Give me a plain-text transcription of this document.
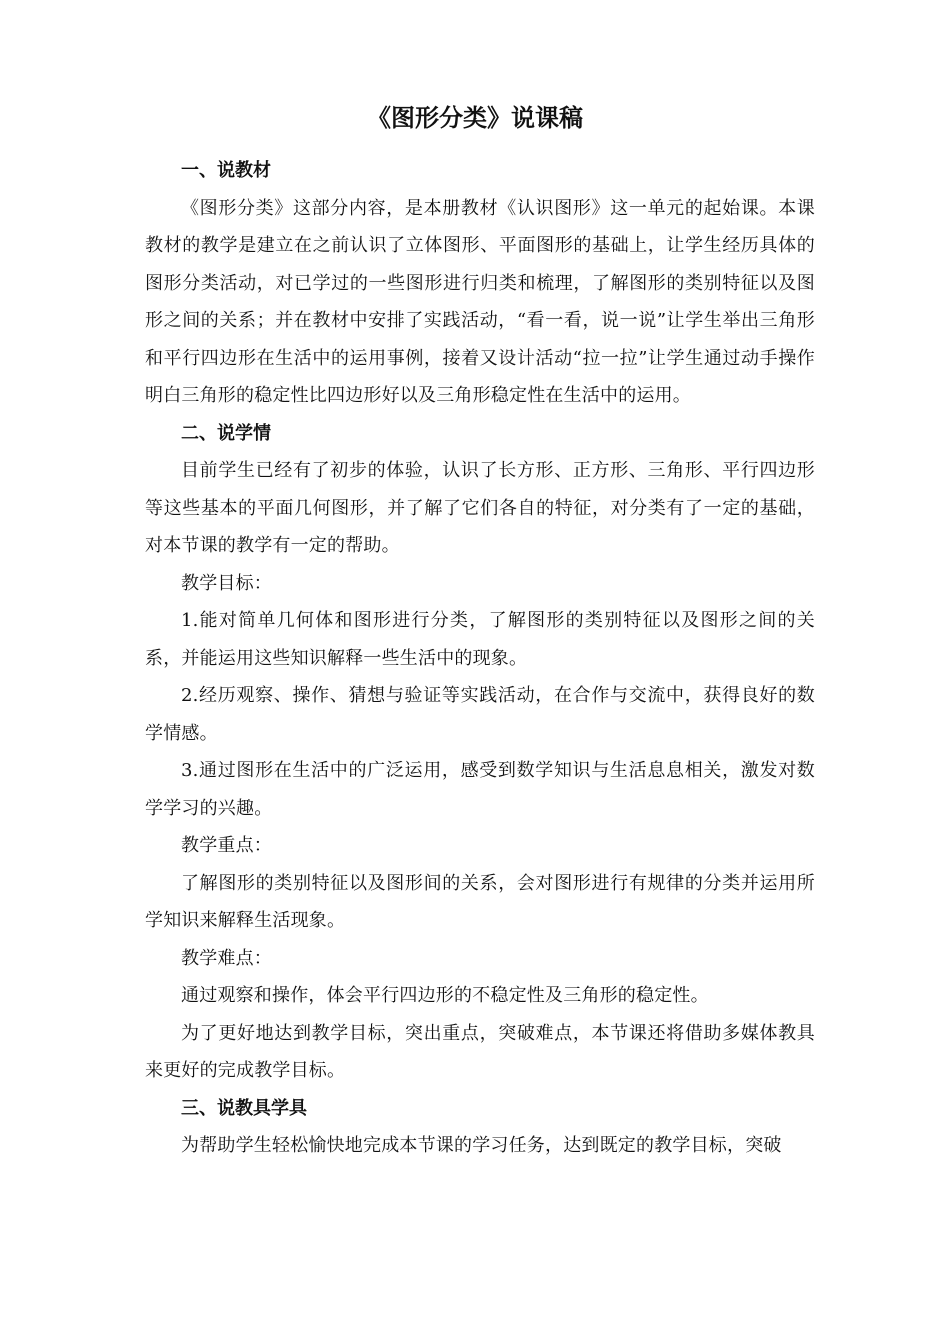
《图形分类》说课稿

一、说教材

《图形分类》这部分内容，是本册教材《认识图形》这一单元的起始课。本课教材的教学是建立在之前认识了立体图形、平面图形的基础上，让学生经历具体的图形分类活动，对已学过的一些图形进行归类和梳理，了解图形的类别特征以及图形之间的关系；并在教材中安排了实践活动，“看一看，说一说”让学生举出三角形和平行四边形在生活中的运用事例，接着又设计活动“拉一拉”让学生通过动手操作明白三角形的稳定性比四边形好以及三角形稳定性在生活中的运用。

二、说学情

目前学生已经有了初步的体验，认识了长方形、正方形、三角形、平行四边形等这些基本的平面几何图形，并了解了它们各自的特征，对分类有了一定的基础，对本节课的教学有一定的帮助。

教学目标：

1.能对简单几何体和图形进行分类，了解图形的类别特征以及图形之间的关系，并能运用这些知识解释一些生活中的现象。

2.经历观察、操作、猜想与验证等实践活动，在合作与交流中，获得良好的数学情感。

3.通过图形在生活中的广泛运用，感受到数学知识与生活息息相关，激发对数学学习的兴趣。

教学重点：

了解图形的类别特征以及图形间的关系，会对图形进行有规律的分类并运用所学知识来解释生活现象。

教学难点：

通过观察和操作，体会平行四边形的不稳定性及三角形的稳定性。

为了更好地达到教学目标，突出重点，突破难点，本节课还将借助多媒体教具来更好的完成教学目标。

三、说教具学具

为帮助学生轻松愉快地完成本节课的学习任务，达到既定的教学目标，突破
